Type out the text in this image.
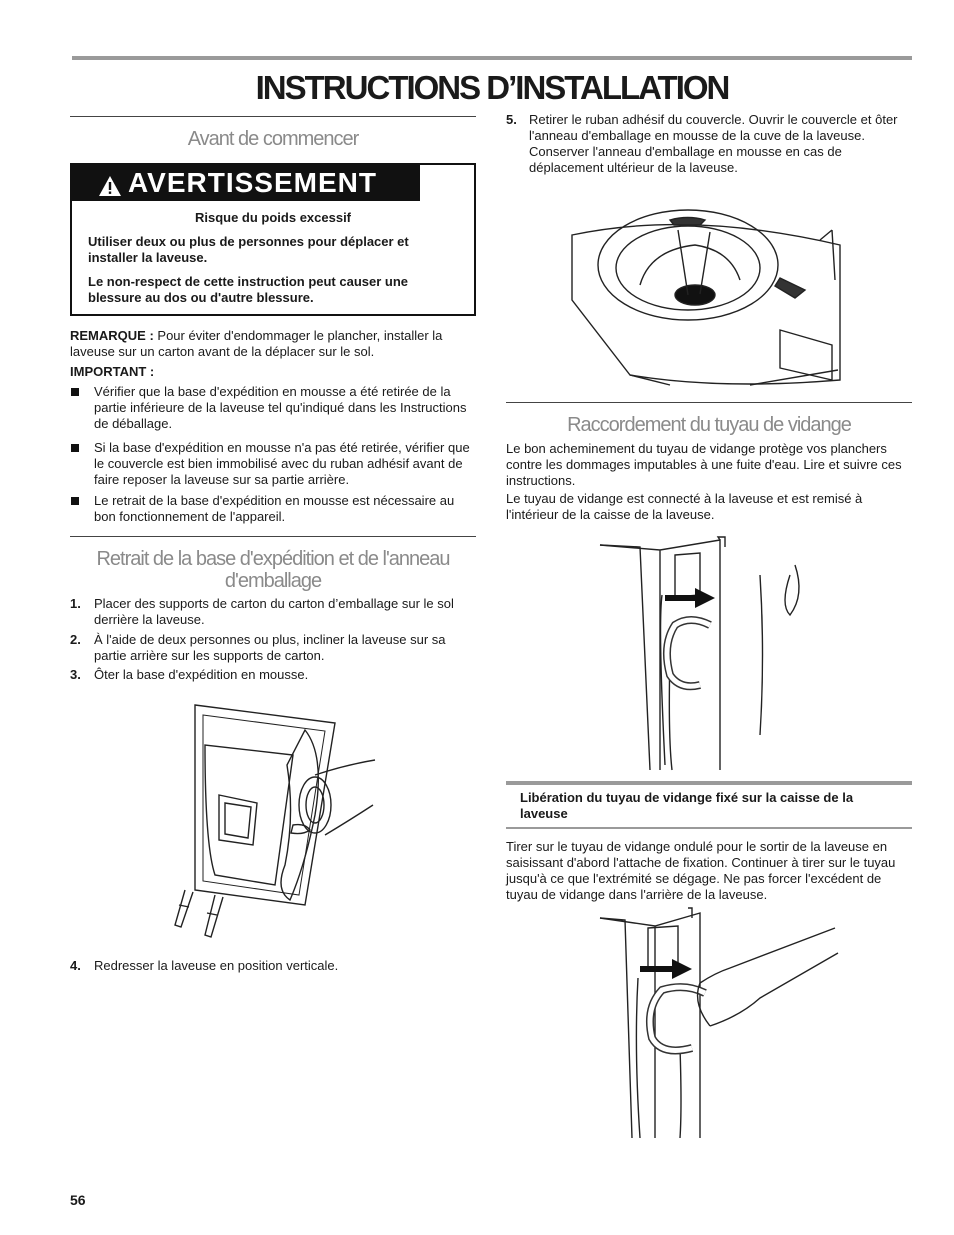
INSTRUCTIONS D’INSTALLATION
Avant de commencer
AVERTISSEMENT
Risque du poids excessif
Utiliser deux ou plus de personnes pour déplacer et installer la laveuse.
Le non-respect de cette instruction peut causer une blessure au dos ou d'autre blessure.
REMARQUE : Pour éviter d'endommager le plancher, installer la laveuse sur un carton avant de la déplacer sur le sol.
IMPORTANT :
Vérifier que la base d'expédition en mousse a été retirée de la partie inférieure de la laveuse tel qu'indiqué dans les Instructions de déballage.
Si la base d'expédition en mousse n'a pas été retirée, vérifier que le couvercle est bien immobilisé avec du ruban adhésif avant de faire reposer la laveuse sur sa partie arrière.
Le retrait de la base d'expédition en mousse est nécessaire au bon fonctionnement de l'appareil.
Retrait de la base d'expédition et de l'anneau d'emballage
1. Placer des supports de carton du carton d’emballage sur le sol derrière la laveuse.
2. À l'aide de deux personnes ou plus, incliner la laveuse sur sa partie arrière sur les supports de carton.
3. Ôter la base d'expédition en mousse.
4. Redresser la laveuse en position verticale.
5. Retirer le ruban adhésif du couvercle. Ouvrir le couvercle et ôter l'anneau d'emballage en mousse de la cuve de la laveuse. Conserver l'anneau d'emballage en mousse en cas de déplacement ultérieur de la laveuse.
Raccordement du tuyau de vidange
Le bon acheminement du tuyau de vidange protège vos planchers contre les dommages imputables à une fuite d'eau. Lire et suivre ces instructions.
Le tuyau de vidange est connecté à la laveuse et est remisé à l'intérieur de la caisse de la laveuse.
Libération du tuyau de vidange fixé sur la caisse de la laveuse
Tirer sur le tuyau de vidange ondulé pour le sortir de la laveuse en saisissant d'abord l'attache de fixation. Continuer à tirer sur le tuyau jusqu'à ce que l'extrémité se dégage. Ne pas forcer l'excédent de tuyau de vidange dans l'arrière de la laveuse.
56
